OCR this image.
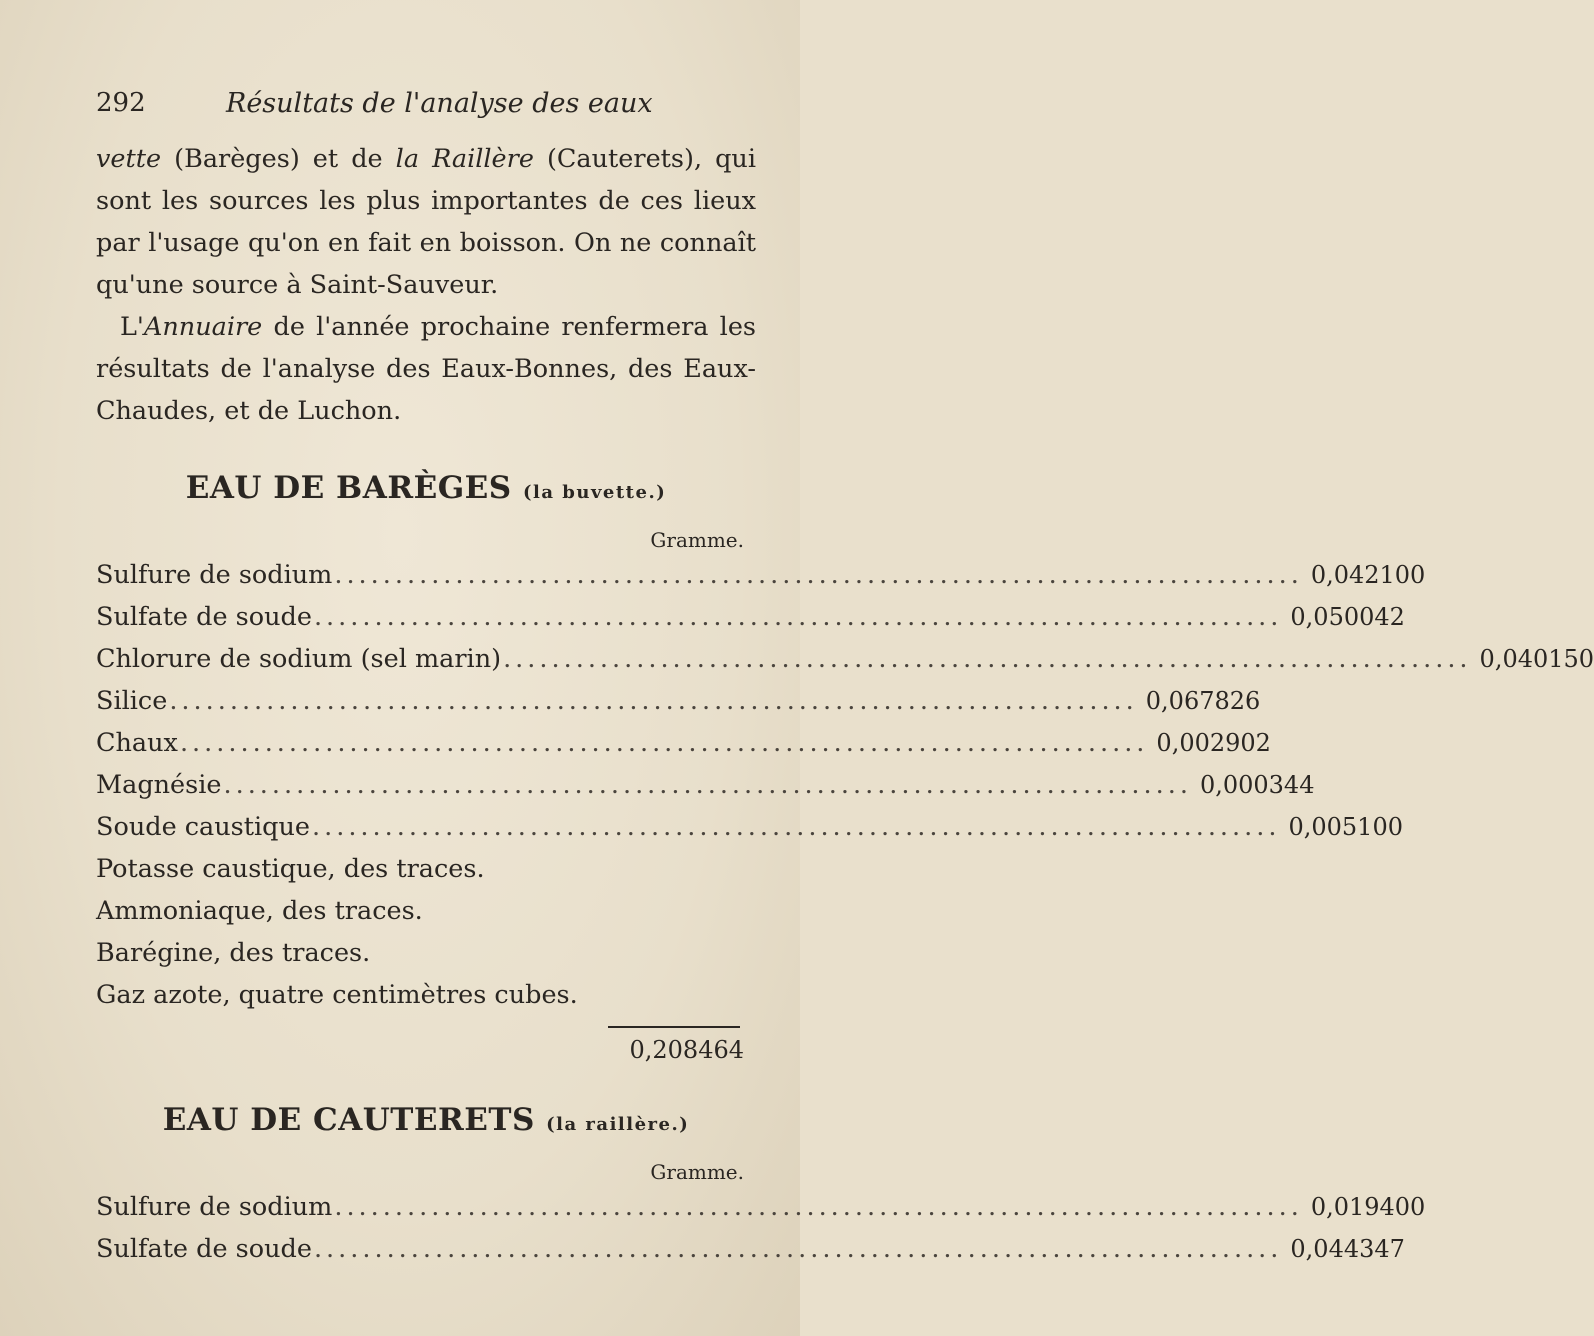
292	Résultats de l'analyse des eaux

vette (Barèges) et de la Raillère (Cauterets), qui sont les sources les plus importantes de ces lieux par l'usage qu'on en fait en boisson. On ne connaît qu'une source à Saint-Sauveur.

L'Annuaire de l'année prochaine renfermera les résultats de l'analyse des Eaux-Bonnes, des Eaux-Chaudes, et de Luchon.

EAU DE BARÈGES (la buvette.)
Gramme.
Sulfure de sodium ................................................................................ 0,042100
Sulfate de soude ................................................................................ 0,050042
Chlorure de sodium (sel marin) ................................................................................ 0,040150
Silice ................................................................................ 0,067826
Chaux ................................................................................ 0,002902
Magnésie ................................................................................ 0,000344
Soude caustique ................................................................................ 0,005100
Potasse caustique, des traces.
Ammoniaque, des traces.
Barégine, des traces.
Gaz azote, quatre centimètres cubes.
0,208464
EAU DE CAUTERETS (la raillère.)
Gramme.
Sulfure de sodium ................................................................................ 0,019400
Sulfate de soude ................................................................................ 0,044347
